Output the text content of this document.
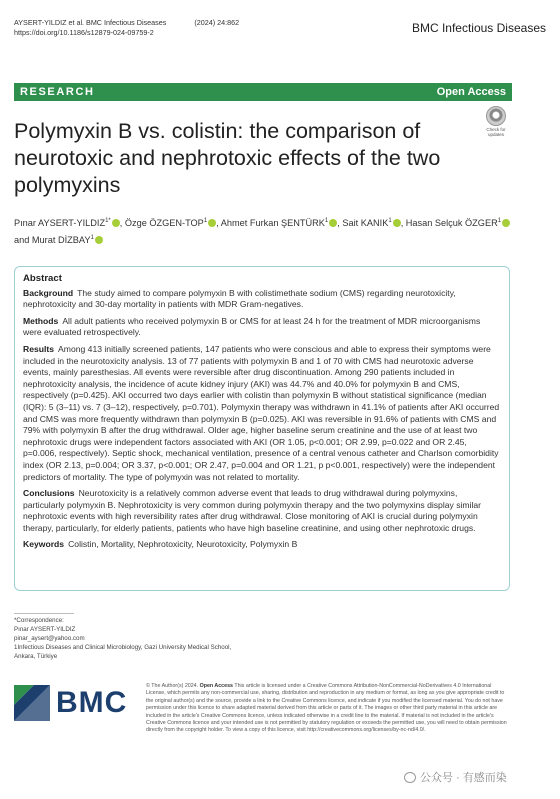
AYSERT-YILDIZ et al. BMC Infectious Diseases	(2024) 24:862
https://doi.org/10.1186/s12879-024-09759-2	BMC Infectious Diseases
RESEARCH	Open Access
Check for updates
Polymyxin B vs. colistin: the comparison of neurotoxic and nephrotoxic effects of the two polymyxins
Pınar AYSERT-$YILDIZ^{1*}$ , Özge ÖZGEN-TOP$^1$ , Ahmet Furkan ŞENTÜRK$^1$ , Sait KANIK$^1$ , Hasan Selçuk ÖZGER$^1$
and Murat DİZBAY$^1$
Abstract

Background The study aimed to compare polymyxin B with colistimethate sodium (CMS) regarding neurotoxicity, nephrotoxicity and 30-day mortality in patients with MDR Gram-negatives.

Methods All adult patients who received polymyxin B or CMS for at least 24 h for the treatment of MDR microorganisms were evaluated retrospectively.

Results Among 413 initially screened patients, 147 patients who were conscious and able to express their symptoms were included in the neurotoxicity analysis. 13 of 77 patients with polymyxin B and 1 of 70 with CMS had neurotoxic adverse events, mainly paresthesias. All events were reversible after drug discontinuation. Among 290 patients included in nephrotoxicity analysis, the incidence of acute kidney injury (AKI) was 44.7% and 40.0% for polymyxin B and CMS, respectively (p=0.425). AKI occurred two days earlier with colistin than polymyxin B without statistical significance (median (IQR): 5 (3–11) vs. 7 (3–12), respectively, p=0.701). Polymyxin therapy was withdrawn in 41.1% of patients after AKI occurred and CMS was more frequently withdrawn than polymyxin B (p=0.025). AKI was reversible in 91.6% of patients with CMS and 79% with polymyxin B after the drug withdrawal. Older age, higher baseline serum creatinine and the use of at least two nephrotoxic drugs were independent factors associated with AKI (OR 1.05, p<0.001; OR 2.99, p=0.022 and OR 2.45, p=0.006, respectively). Septic shock, mechanical ventilation, presence of a central venous catheter and Charlson comorbidity index (OR 2.13, p=0.004; OR 3.37, p<0.001; OR 2.47, p=0.004 and OR 1.21, p p<0.001, respectively) were the independent predictors of mortality. The type of polymyxin was not related to mortality.

Conclusions Neurotoxicity is a relatively common adverse event that leads to drug withdrawal during polymyxins, particularly polymyxin B. Nephrotoxicity is very common during polymyxin therapy and the two polymyxins display similar nephrotoxic events with high reversibility rates after drug withdrawal. Close monitoring of AKI is crucial during polymyxin therapy, particularly, for elderly patients, patients who have high baseline creatinine, and using other nephrotoxic drugs.

Keywords Colistin, Mortality, Nephrotoxicity, Neurotoxicity, Polymyxin B

*Correspondence:
Pınar AYSERT-YILDIZ
pinar_aysert@yahoo.com
1Infectious Diseases and Clinical Microbiology, Gazi University Medical School, Ankara, Türkiye
BMC	© The Author(s) 2024. Open Access This article is licensed under a Creative Commons Attribution-NonCommercial-NoDerivatives 4.0 International License, which permits any non-commercial use, sharing, distribution and reproduction in any medium or format, as long as you give appropriate credit to the original author(s) and the source, provide a link to the Creative Commons licence, and indicate if you modified the licensed material. You do not have permission under this licence to share adapted material derived from this article or parts of it. The images or other third party material in this article are included in the article's Creative Commons licence, unless indicated otherwise in a credit line to the material. If material is not included in the article's Creative Commons licence and your intended use is not permitted by statutory regulation or exceeds the permitted use, you will need to obtain permission directly from the copyright holder. To view a copy of this licence, visit http://creativecommons.org/licenses/by-nc-nd/4.0/.
公众号 · 有感而染
